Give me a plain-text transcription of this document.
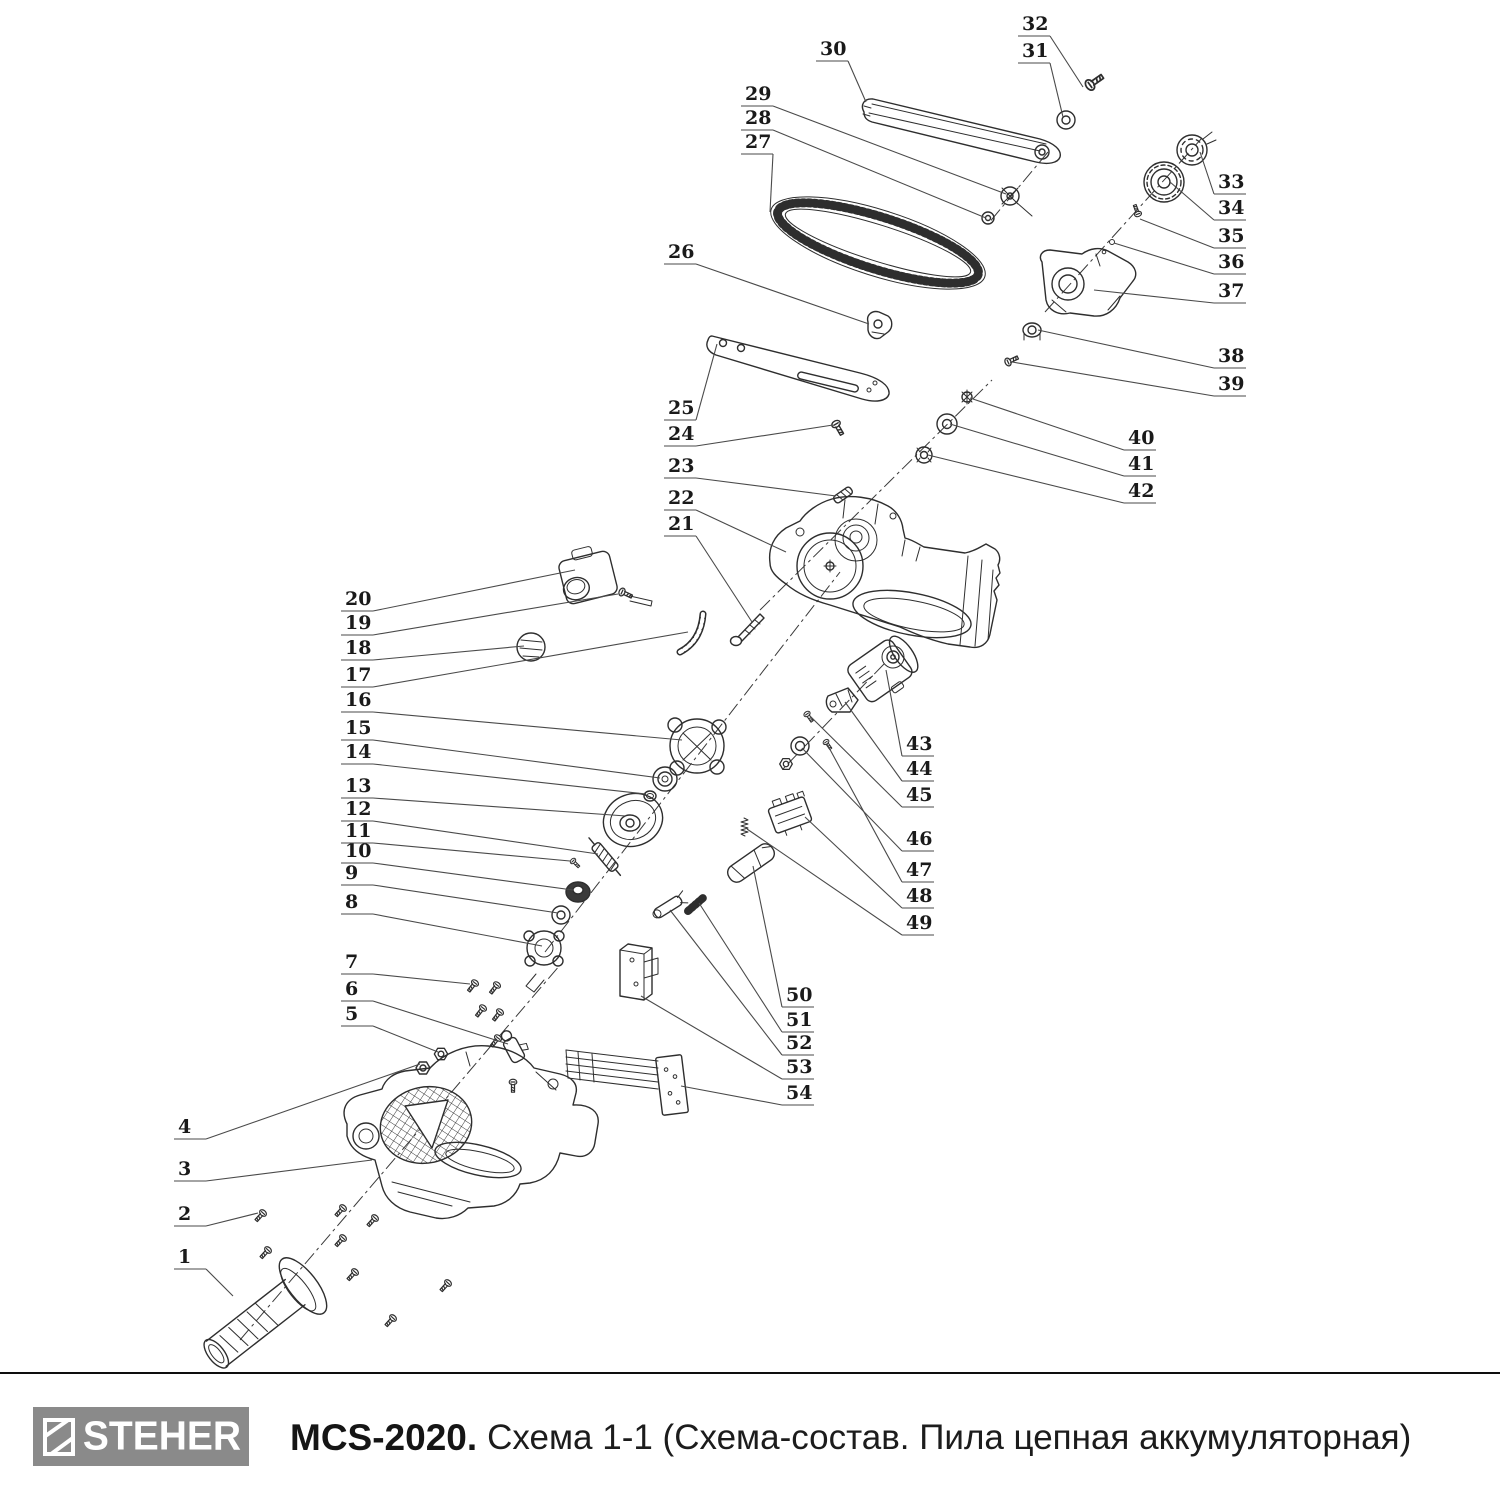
1
2
3
4
5
6
7
8
9
10
11
12
13
14
15
16
17
18
19
20
21
22
23
24
25
26
27
28
29
30	31
32
33
34
35
36
37
38
39
40
41
42
43
44
45
46
47
48
49
50
51
52
53
54
STEHER MCS-2020. Схема 1-1 (Схема-состав. Пила цепная аккумуляторная)
